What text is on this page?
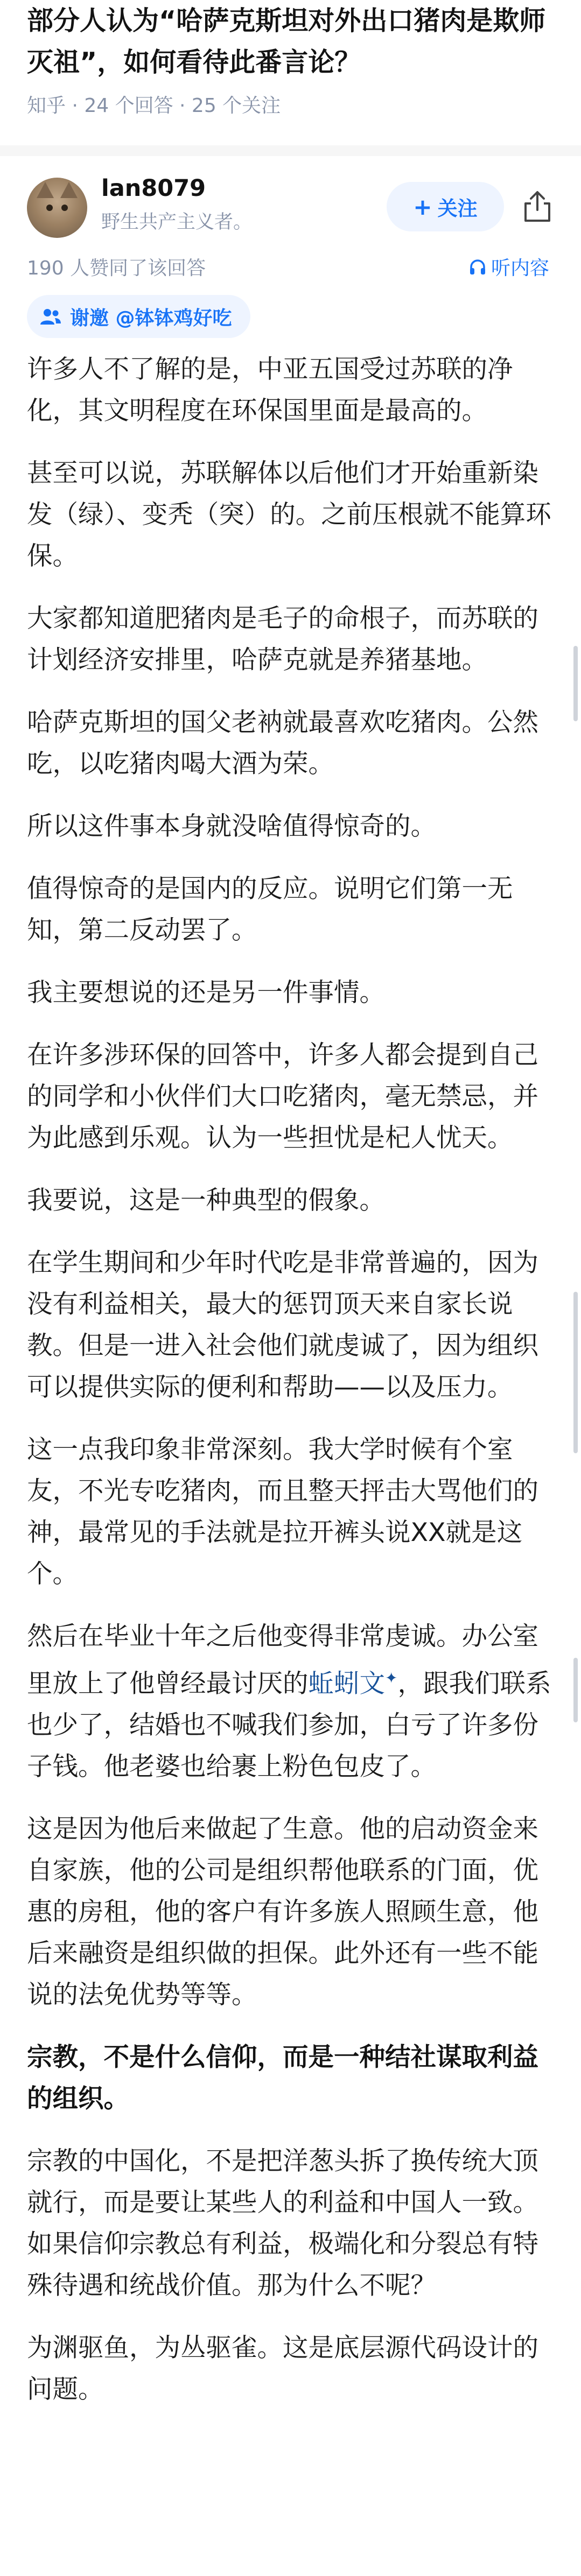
部分人认为“哈萨克斯坦对外出口猪肉是欺师灭祖”，如何看待此番言论？
知乎 · 24 个回答 · 25 个关注
lan8079
野生共产主义者。
+ 关注
190 人赞同了该回答	听内容
谢邀 @钵钵鸡好吃

许多人不了解的是，中亚五国受过苏联的净化，其文明程度在环保国里面是最高的。

甚至可以说，苏联解体以后他们才开始重新染发（绿）、变秃（突）的。之前压根就不能算环保。

大家都知道肥猪肉是毛子的命根子，而苏联的计划经济安排里，哈萨克就是养猪基地。

哈萨克斯坦的国父老衲就最喜欢吃猪肉。公然吃，以吃猪肉喝大酒为荣。

所以这件事本身就没啥值得惊奇的。

值得惊奇的是国内的反应。说明它们第一无知，第二反动罢了。

我主要想说的还是另一件事情。

在许多涉环保的回答中，许多人都会提到自己的同学和小伙伴们大口吃猪肉，毫无禁忌，并为此感到乐观。认为一些担忧是杞人忧天。

我要说，这是一种典型的假象。

在学生期间和少年时代吃是非常普遍的，因为没有利益相关，最大的惩罚顶天来自家长说教。但是一进入社会他们就虔诚了，因为组织可以提供实际的便利和帮助——以及压力。

这一点我印象非常深刻。我大学时候有个室友，不光专吃猪肉，而且整天抨击大骂他们的神，最常见的手法就是拉开裤头说XX就是这个。

然后在毕业十年之后他变得非常虔诚。办公室里放上了他曾经最讨厌的蚯蚓文✦，跟我们联系也少了，结婚也不喊我们参加，白亏了许多份子钱。他老婆也给裹上粉色包皮了。

这是因为他后来做起了生意。他的启动资金来自家族，他的公司是组织帮他联系的门面，优惠的房租，他的客户有许多族人照顾生意，他后来融资是组织做的担保。此外还有一些不能说的法免优势等等。

宗教，不是什么信仰，而是一种结社谋取利益的组织。

宗教的中国化，不是把洋葱头拆了换传统大顶就行，而是要让某些人的利益和中国人一致。如果信仰宗教总有利益，极端化和分裂总有特殊待遇和统战价值。那为什么不呢？

为渊驱鱼，为丛驱雀。这是底层源代码设计的问题。
